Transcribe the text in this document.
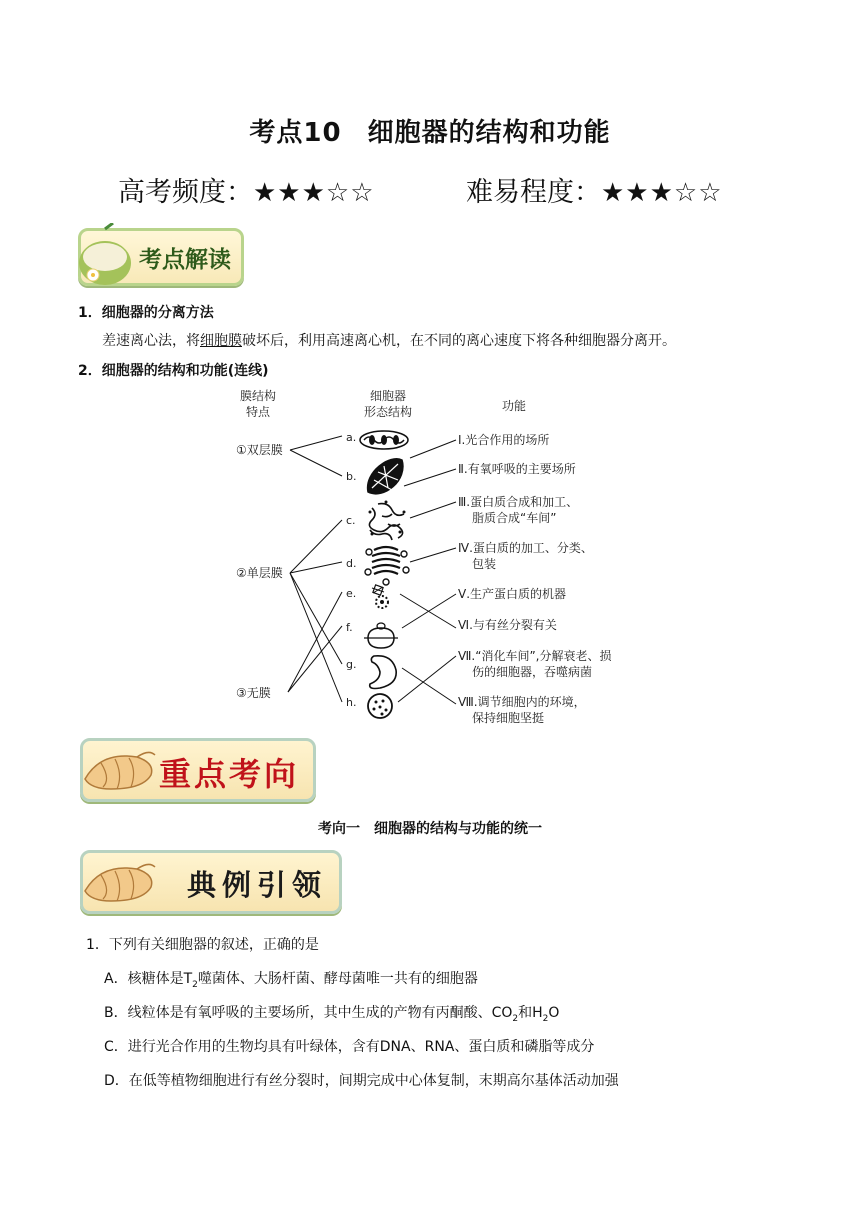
考点10 细胞器的结构和功能
高考频度：★★★☆☆	难易程度：★★★☆☆
考点解读
1．细胞器的分离方法
差速离心法，将细胞膜破坏后，利用高速离心机，在不同的离心速度下将各种细胞器分离开。
2．细胞器的结构和功能(连线)
膜结构
特点
细胞器
形态结构	功能
①双层膜
②单层膜
③无膜
a.
b.
c.
d.
e.
f.
g.
h.
Ⅰ.光合作用的场所
Ⅱ.有氧呼吸的主要场所
Ⅲ.蛋白质合成和加工、
脂质合成“车间”
Ⅳ.蛋白质的加工、分类、
包装
Ⅴ.生产蛋白质的机器
Ⅵ.与有丝分裂有关
Ⅶ.“消化车间”,分解衰老、损
伤的细胞器，吞噬病菌
Ⅷ.调节细胞内的环境，
保持细胞坚挺
重点考向
考向一　细胞器的结构与功能的统一
典例引领
1．下列有关细胞器的叙述，正确的是
A．核糖体是$T_2$噬菌体、大肠杆菌、酵母菌唯一共有的细胞器
B．线粒体是有氧呼吸的主要场所，其中生成的产物有丙酮酸、$CO_2$和$H_2O$
C．进行光合作用的生物均具有叶绿体，含有DNA、RNA、蛋白质和磷脂等成分
D．在低等植物细胞进行有丝分裂时，间期完成中心体复制，末期高尔基体活动加强
